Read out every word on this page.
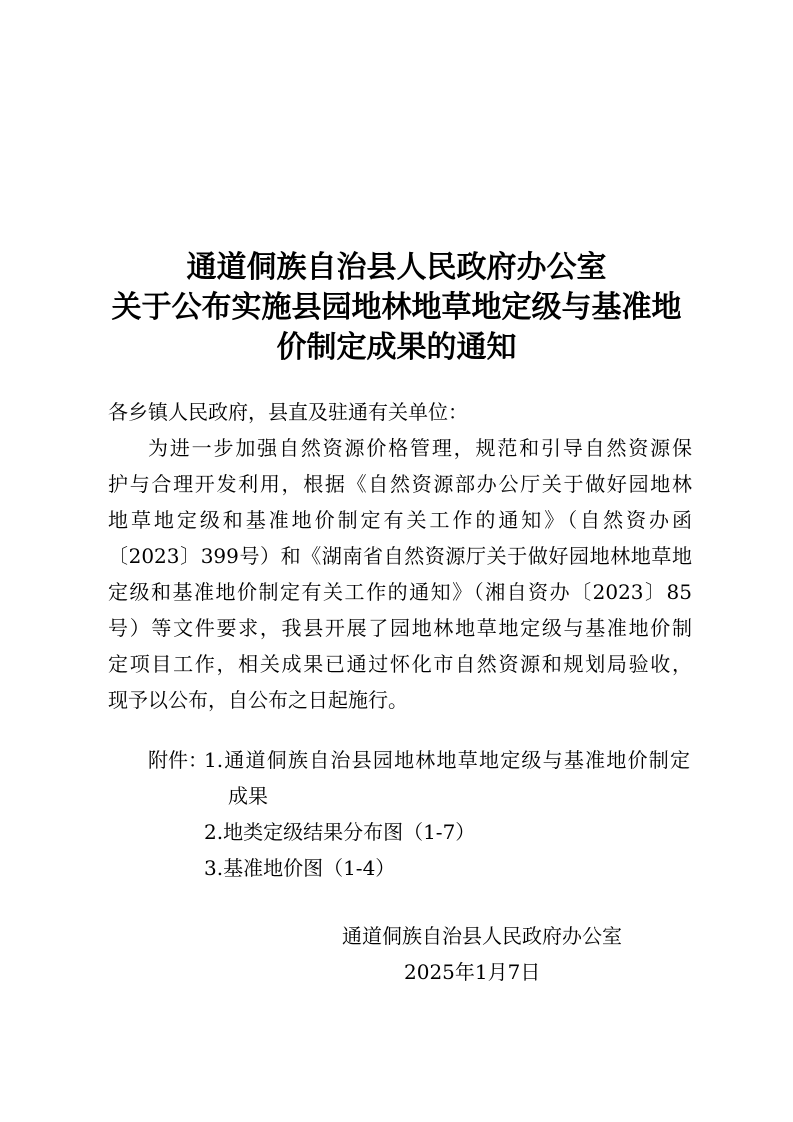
通道侗族自治县人民政府办公室
关于公布实施县园地林地草地定级与基准地
价制定成果的通知
各乡镇人民政府，县直及驻通有关单位：
为进一步加强自然资源价格管理，规范和引导自然资源保
护与合理开发利用，根据《自然资源部办公厅关于做好园地林
地草地定级和基准地价制定有关工作的通知》（自然资办函
〔2023〕399号）和《湖南省自然资源厅关于做好园地林地草地
定级和基准地价制定有关工作的通知》（湘自资办〔2023〕85
号）等文件要求，我县开展了园地林地草地定级与基准地价制
定项目工作，相关成果已通过怀化市自然资源和规划局验收，
现予以公布，自公布之日起施行。
附件：
1.通道侗族自治县园地林地草地定级与基准地价制定
成果
2.地类定级结果分布图（1-7）
3.基准地价图（1-4）
通道侗族自治县人民政府办公室
2025年1月7日
